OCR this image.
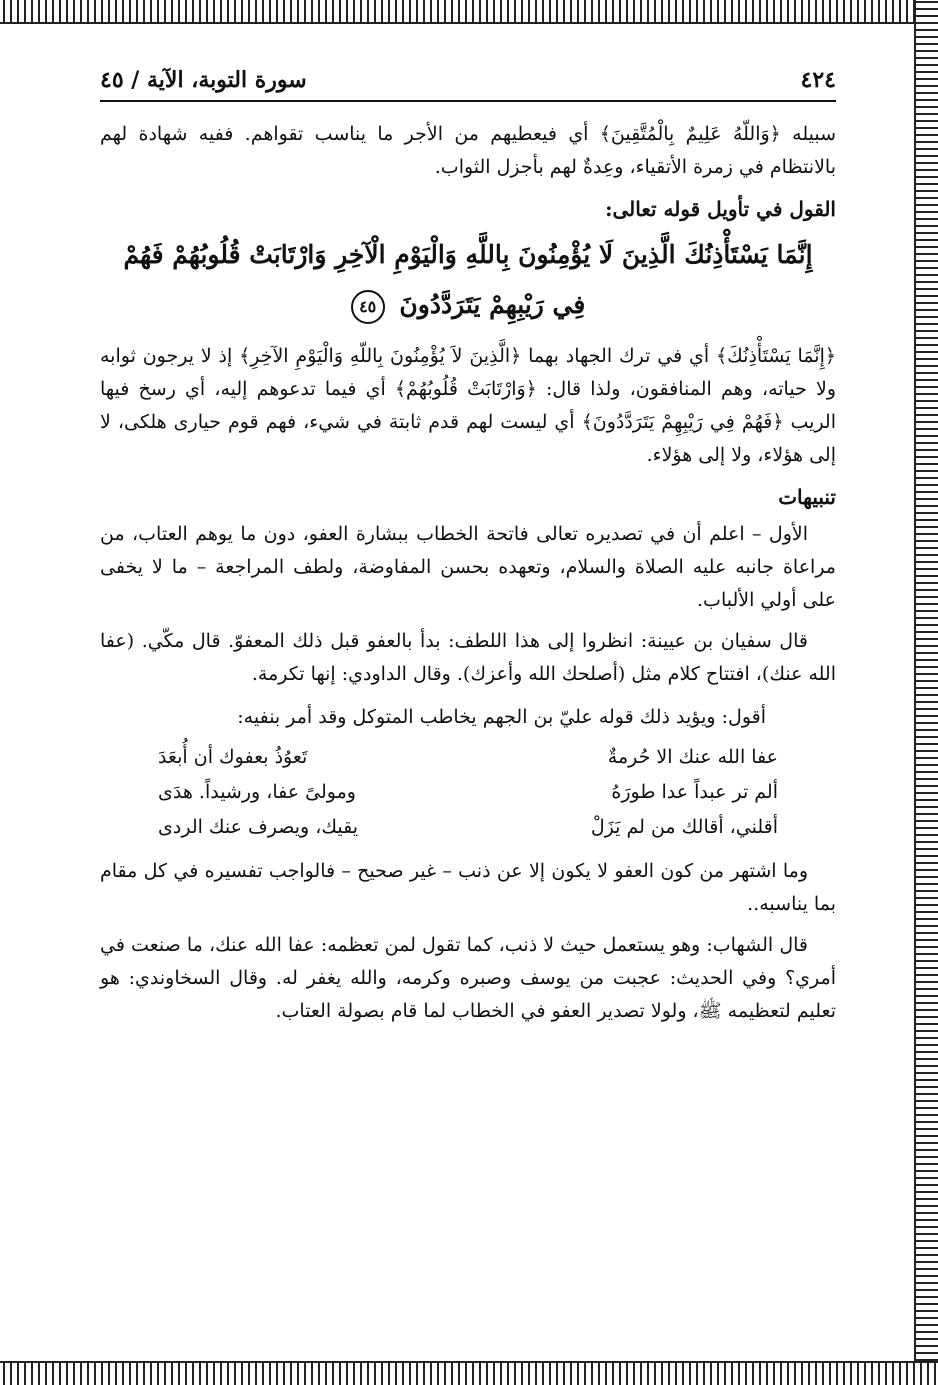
٤٢٤
سورة التوبة، الآية / ٤٥

سبيله ﴿وَاللّهُ عَلِيمٌ بِالْمُتَّقِينَ﴾ أي فيعطيهم من الأجر ما يناسب تقواهم. ففيه شهادة لهم بالانتظام في زمرة الأتقياء، وعِدةٌ لهم بأجزل الثواب.

القول في تأويل قوله تعالى:
إِنَّمَا يَسْتَأْذِنُكَ الَّذِينَ لَا يُؤْمِنُونَ بِاللَّهِ وَالْيَوْمِ الْآخِرِ وَارْتَابَتْ قُلُوبُهُمْ فَهُمْ
فِي رَيْبِهِمْ يَتَرَدَّدُونَ ٤٥

﴿إِنَّمَا يَسْتَأْذِنُكَ﴾ أي في ترك الجهاد بهما ﴿الَّذِينَ لاَ يُؤْمِنُونَ بِاللّهِ وَالْيَوْمِ الآخِرِ﴾ إذ لا يرجون ثوابه ولا حياته، وهم المنافقون، ولذا قال: ﴿وَارْتَابَتْ قُلُوبُهُمْ﴾ أي فيما تدعوهم إليه، أي رسخ فيها الريب ﴿فَهُمْ فِي رَيْبِهِمْ يَتَرَدَّدُونَ﴾ أي ليست لهم قدم ثابتة في شيء، فهم قوم حيارى هلكى، لا إلى هؤلاء، ولا إلى هؤلاء.

تنبيهات

الأول – اعلم أن في تصديره تعالى فاتحة الخطاب ببشارة العفو، دون ما يوهم العتاب، من مراعاة جانبه عليه الصلاة والسلام، وتعهده بحسن المفاوضة، ولطف المراجعة – ما لا يخفى على أولي الألباب.

قال سفيان بن عيينة: انظروا إلى هذا اللطف: بدأ بالعفو قبل ذلك المعفوّ. قال مكّي. (عفا الله عنك)، افتتاح كلام مثل (أصلحك الله وأعزك). وقال الداودي: إنها تكرمة.

أقول: ويؤيد ذلك قوله عليّ بن الجهم يخاطب المتوكل وقد أمر بنفيه:
عفا الله عنك الا حُرمةٌ
تَعوُذُ بعفوك أن أُبعَدَ
ألم تر عبداً عدا طورَهُ
ومولىً عفا، ورشيداً. هدَى
أقلني، أقالك من لم يَزَلْ
يقيك، ويصرف عنك الردى

وما اشتهر من كون العفو لا يكون إلا عن ذنب – غير صحيح – فالواجب تفسيره في كل مقام بما يناسبه..

قال الشهاب: وهو يستعمل حيث لا ذنب، كما تقول لمن تعظمه: عفا الله عنك، ما صنعت في أمري؟ وفي الحديث: عجبت من يوسف وصبره وكرمه، والله يغفر له. وقال السخاوندي: هو تعليم لتعظيمه ﷺ، ولولا تصدير العفو في الخطاب لما قام بصولة العتاب.
